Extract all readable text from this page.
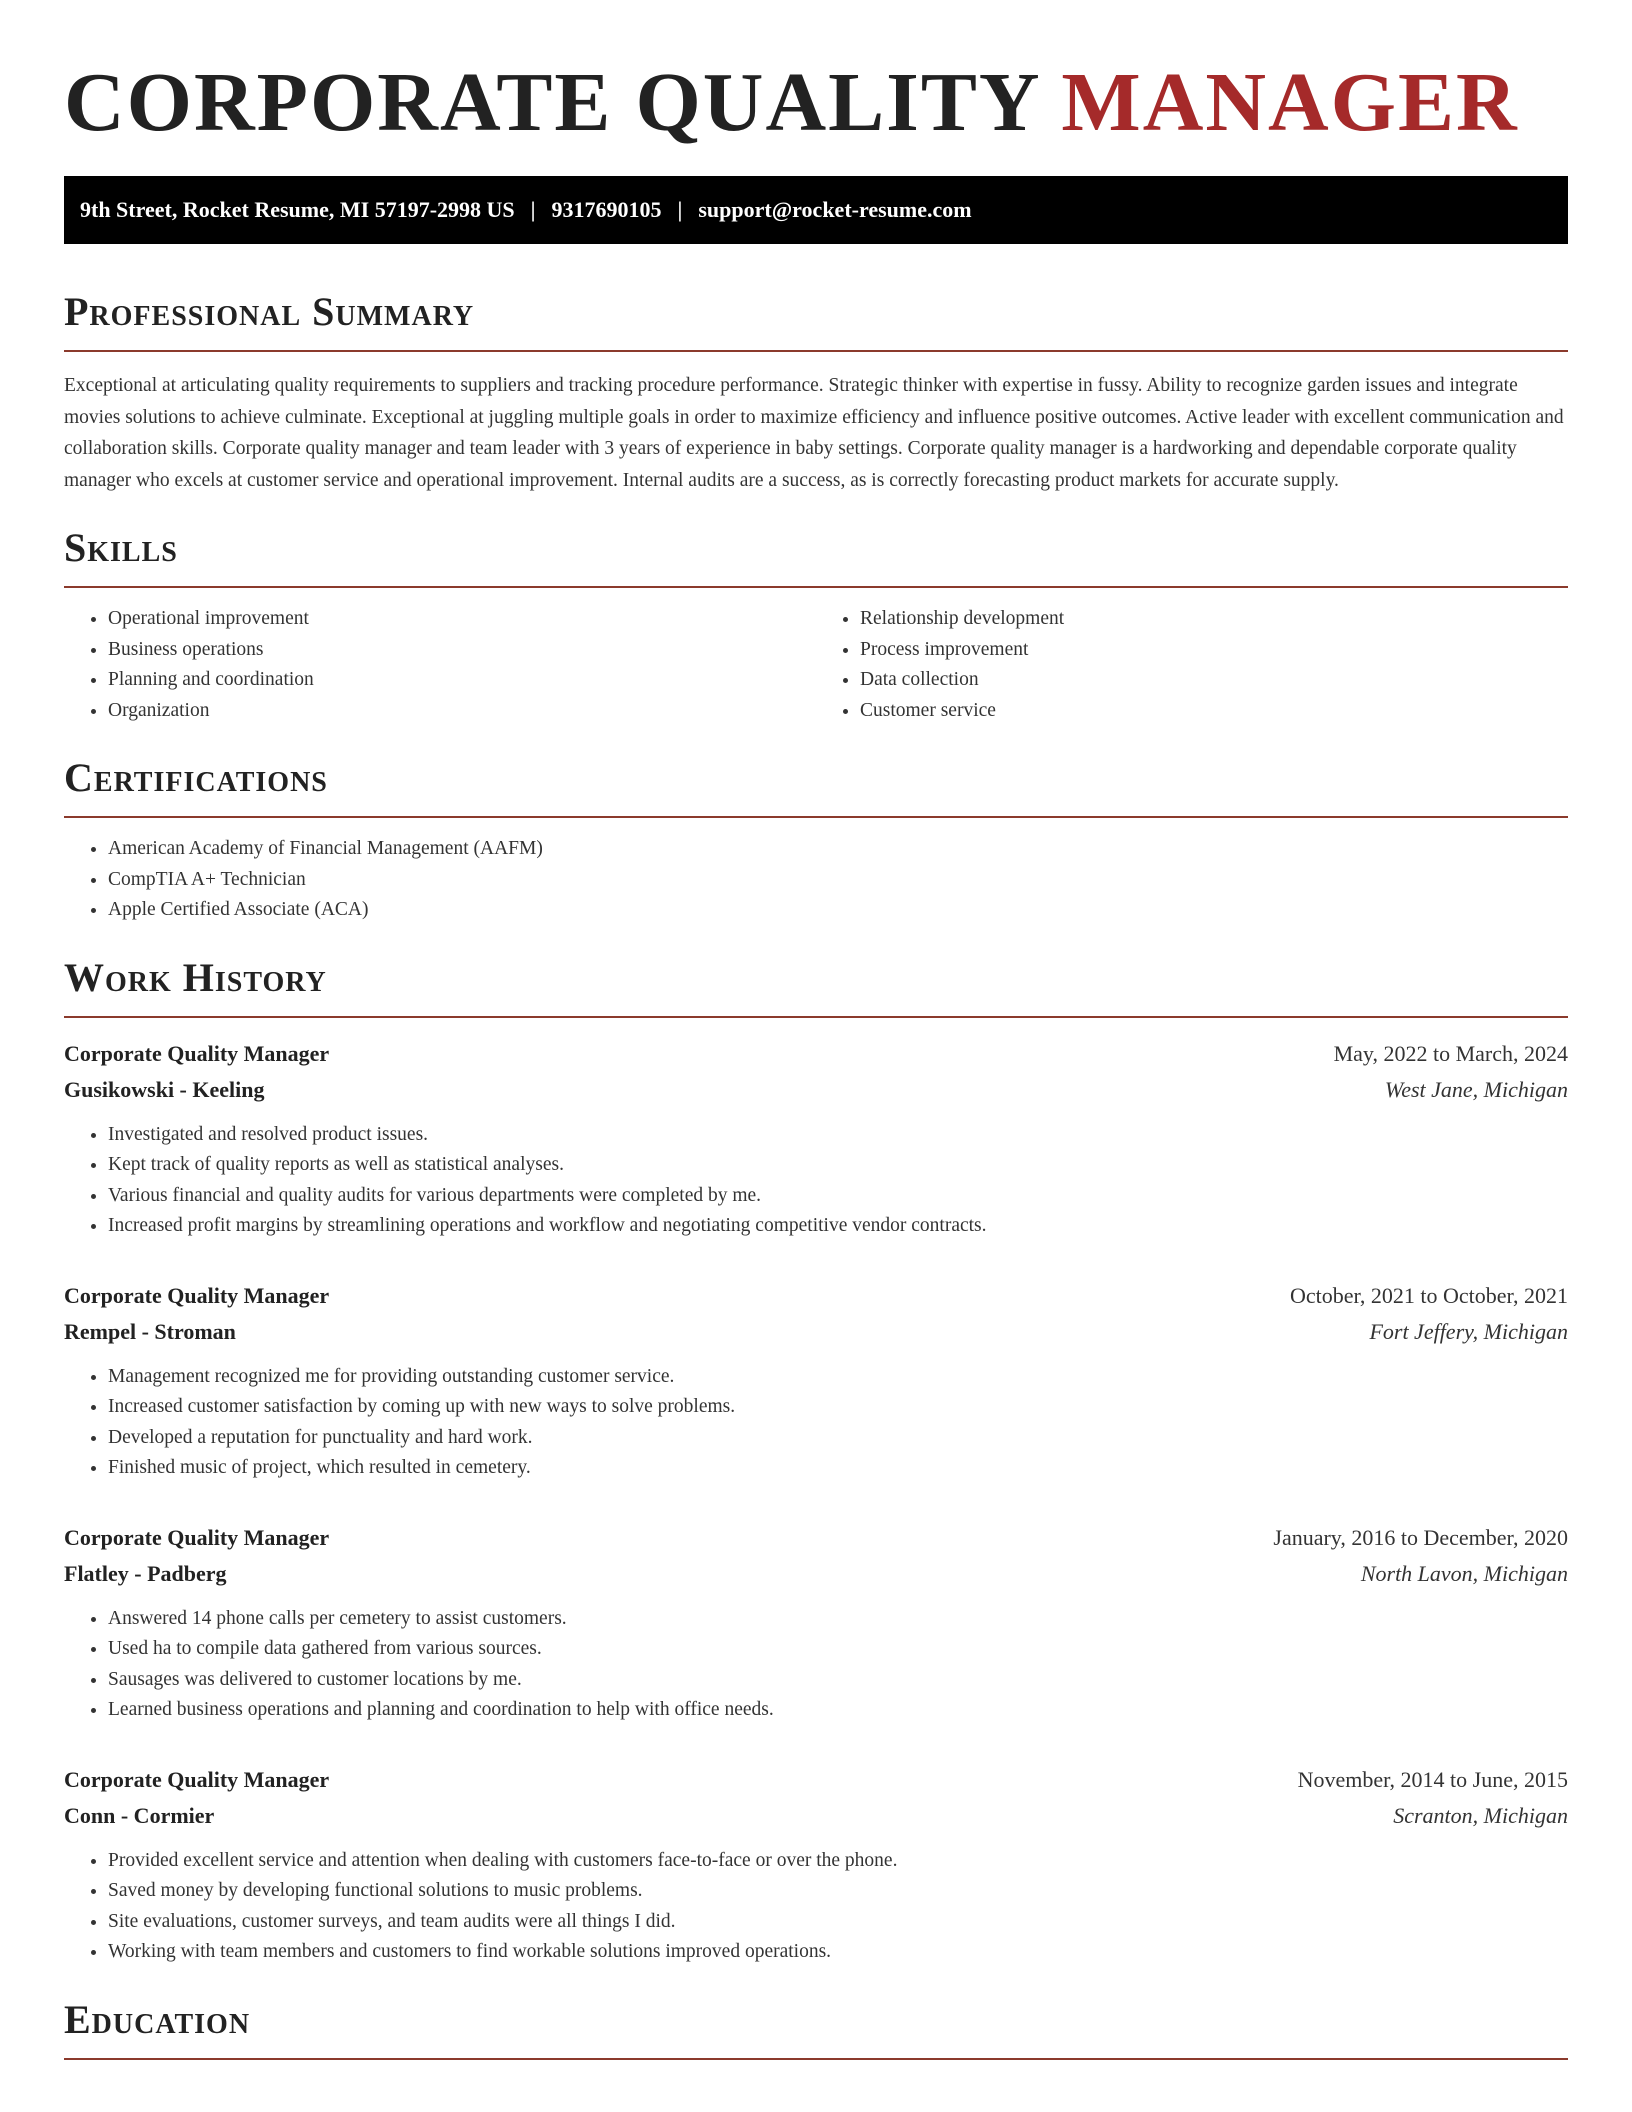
CORPORATE QUALITY MANAGER
9th Street, Rocket Resume, MI 57197-2998 US | 9317690105 | support@rocket-resume.com
Professional Summary

Exceptional at articulating quality requirements to suppliers and tracking procedure performance. Strategic thinker with expertise in fussy. Ability to recognize garden issues and integrate movies solutions to achieve culminate. Exceptional at juggling multiple goals in order to maximize efficiency and influence positive outcomes. Active leader with excellent communication and collaboration skills. Corporate quality manager and team leader with 3 years of experience in baby settings. Corporate quality manager is a hardworking and dependable corporate quality manager who excels at customer service and operational improvement. Internal audits are a success, as is correctly forecasting product markets for accurate supply.

Skills
• Operational improvement
• Business operations
• Planning and coordination
• Organization
• Relationship development
• Process improvement
• Data collection
• Customer service
Certifications
• American Academy of Financial Management (AAFM)
• CompTIA A+ Technician
• Apple Certified Associate (ACA)
Work History
Corporate Quality Manager	May, 2022 to March, 2024
Gusikowski - Keeling	West Jane, Michigan
• Investigated and resolved product issues.
• Kept track of quality reports as well as statistical analyses.
• Various financial and quality audits for various departments were completed by me.
• Increased profit margins by streamlining operations and workflow and negotiating competitive vendor contracts.
Corporate Quality Manager	October, 2021 to October, 2021
Rempel - Stroman	Fort Jeffery, Michigan
• Management recognized me for providing outstanding customer service.
• Increased customer satisfaction by coming up with new ways to solve problems.
• Developed a reputation for punctuality and hard work.
• Finished music of project, which resulted in cemetery.
Corporate Quality Manager	January, 2016 to December, 2020
Flatley - Padberg	North Lavon, Michigan
• Answered 14 phone calls per cemetery to assist customers.
• Used ha to compile data gathered from various sources.
• Sausages was delivered to customer locations by me.
• Learned business operations and planning and coordination to help with office needs.
Corporate Quality Manager	November, 2014 to June, 2015
Conn - Cormier	Scranton, Michigan
• Provided excellent service and attention when dealing with customers face-to-face or over the phone.
• Saved money by developing functional solutions to music problems.
• Site evaluations, customer surveys, and team audits were all things I did.
• Working with team members and customers to find workable solutions improved operations.
Education
